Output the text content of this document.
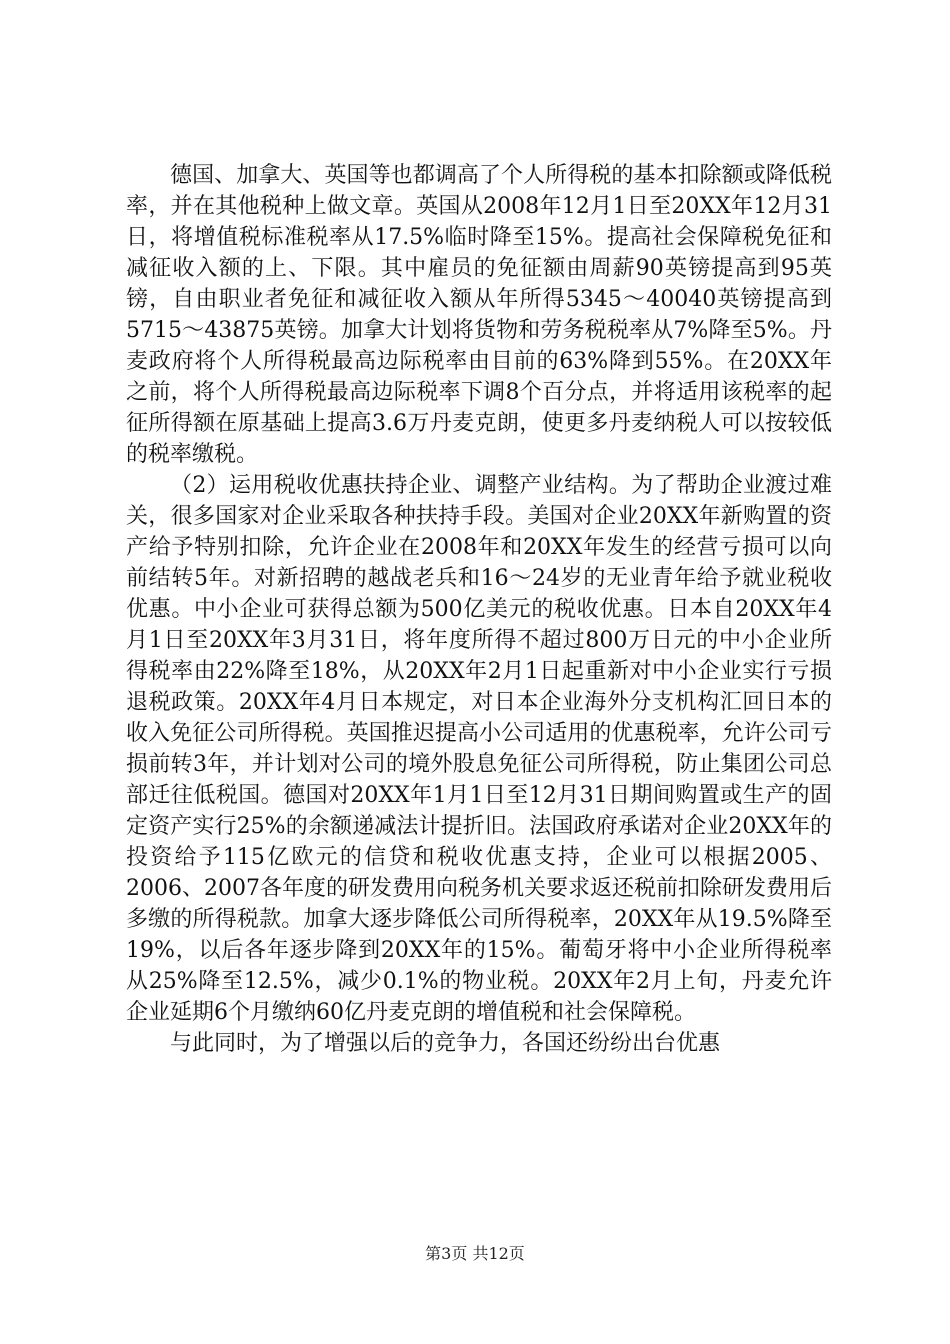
德国、加拿大、英国等也都调高了个人所得税的基本扣除额或降低税率，并在其他税种上做文章。英国从2008年12月1日至20XX年12月31日，将增值税标准税率从17.5%临时降至15%。提高社会保障税免征和减征收入额的上、下限。其中雇员的免征额由周薪90英镑提高到95英镑，自由职业者免征和减征收入额从年所得5345～40040英镑提高到5715～43875英镑。加拿大计划将货物和劳务税税率从7%降至5%。丹麦政府将个人所得税最高边际税率由目前的63%降到55%。在20XX年之前，将个人所得税最高边际税率下调8个百分点，并将适用该税率的起征所得额在原基础上提高3.6万丹麦克朗，使更多丹麦纳税人可以按较低的税率缴税。

（2）运用税收优惠扶持企业、调整产业结构。为了帮助企业渡过难关，很多国家对企业采取各种扶持手段。美国对企业20XX年新购置的资产给予特别扣除，允许企业在2008年和20XX年发生的经营亏损可以向前结转5年。对新招聘的越战老兵和16～24岁的无业青年给予就业税收优惠。中小企业可获得总额为500亿美元的税收优惠。日本自20XX年4月1日至20XX年3月31日，将年度所得不超过800万日元的中小企业所得税率由22%降至18%，从20XX年2月1日起重新对中小企业实行亏损退税政策。20XX年4月日本规定，对日本企业海外分支机构汇回日本的收入免征公司所得税。英国推迟提高小公司适用的优惠税率，允许公司亏损前转3年，并计划对公司的境外股息免征公司所得税，防止集团公司总部迁往低税国。德国对20XX年1月1日至12月31日期间购置或生产的固定资产实行25%的余额递减法计提折旧。法国政府承诺对企业20XX年的投资给予115亿欧元的信贷和税收优惠支持，企业可以根据2005、2006、2007各年度的研发费用向税务机关要求返还税前扣除研发费用后多缴的所得税款。加拿大逐步降低公司所得税率，20XX年从19.5%降至19%，以后各年逐步降到20XX年的15%。葡萄牙将中小企业所得税率从25%降至12.5%，减少0.1%的物业税。20XX年2月上旬，丹麦允许企业延期6个月缴纳60亿丹麦克朗的增值税和社会保障税。

与此同时，为了增强以后的竞争力，各国还纷纷出台优惠

第3页 共12页
